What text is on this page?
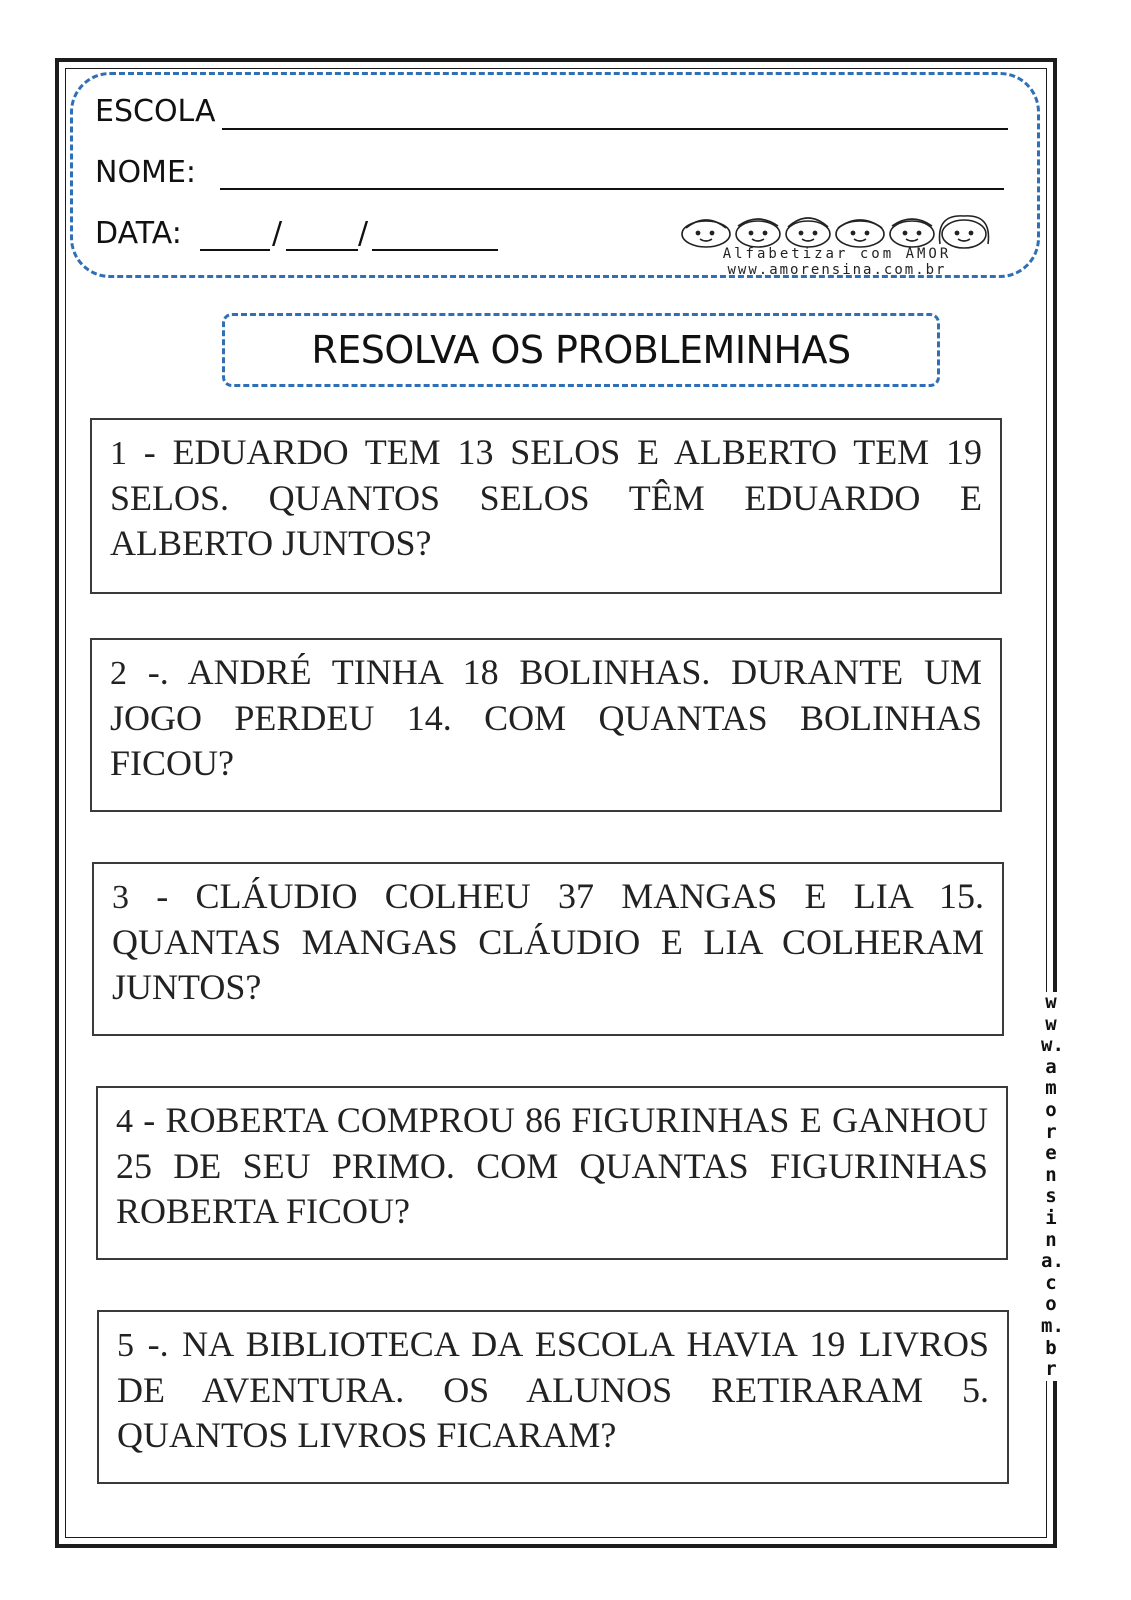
ESCOLA
NOME:
DATA:	/	/
Alfabetizar com AMOR
www.amorensina.com.br
RESOLVA OS PROBLEMINHAS

1 - EDUARDO TEM 13 SELOS E ALBERTO TEM 19 SELOS. QUANTOS SELOS TÊM EDUARDO E ALBERTO JUNTOS?

2 -. ANDRÉ TINHA 18 BOLINHAS. DURANTE UM JOGO PERDEU 14. COM QUANTAS BOLINHAS FICOU?

3 - CLÁUDIO COLHEU 37 MANGAS E LIA 15. QUANTAS MANGAS CLÁUDIO E LIA COLHERAM JUNTOS?

4 - ROBERTA COMPROU 86 FIGURINHAS E GANHOU 25 DE SEU PRIMO. COM QUANTAS FIGURINHAS ROBERTA FICOU?

5 -. NA BIBLIOTECA DA ESCOLA HAVIA 19 LIVROS DE AVENTURA. OS ALUNOS RETIRARAM 5. QUANTOS LIVROS FICARAM?

www.amorensina.com.br
